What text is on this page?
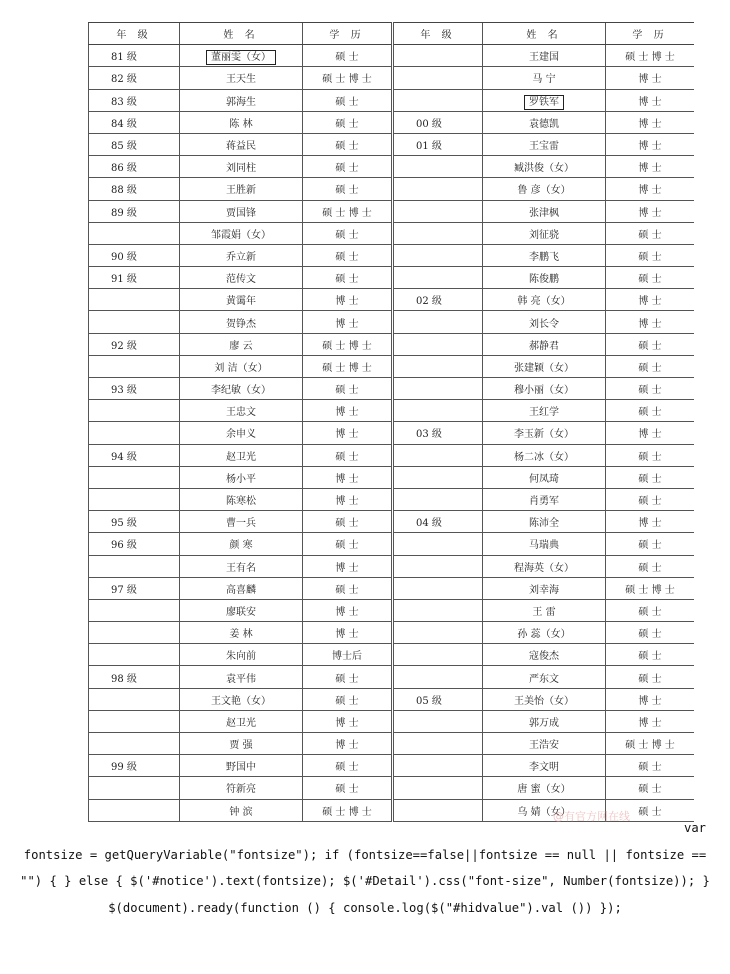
年 级	姓 名	学 历	年 级	姓 名	学 历
81 级	董丽雯（女）	硕 士		王建国	硕 士 博 士
82 级	王天生	硕 士 博 士		马 宁	博 士
83 级	郭海生	硕 士		罗铁军	博 士
84 级	陈 林	硕 士	00 级	袁德凯	博 士
85 级	蒋益民	硕 士	01 级	王宝雷	博 士
86 级	刘同柱	硕 士		臧洪俊（女）	博 士
88 级	王胜新	硕 士		鲁 彦（女）	博 士
89 级	贾国锋	硕 士 博 士		张津枫	博 士
	邹霞娟（女）	硕 士		刘征骁	硕 士
90 级	乔立新	硕 士		李鹏飞	硕 士
91 级	范传文	硕 士		陈俊鹏	硕 士
	黄霭年	博 士	02 级	韩 亮（女）	博 士
	贺铮杰	博 士		刘长令	博 士
92 级	廖 云	硕 士 博 士		郝静君	硕 士
	刘 洁（女）	硕 士 博 士		张建颖（女）	硕 士
93 级	李纪敏（女）	硕 士		穆小丽（女）	硕 士
	王忠文	博 士		王红学	硕 士
	余申义	博 士	03 级	李玉新（女）	博 士
94 级	赵卫光	硕 士		杨二冰（女）	硕 士
	杨小平	博 士		何凤琦	硕 士
	陈寒松	博 士		肖勇军	硕 士
95 级	曹一兵	硕 士	04 级	陈沛全	博 士
96 级	颜 寒	硕 士		马瑞典	硕 士
	王有名	博 士		程海英（女）	硕 士
97 级	高喜麟	硕 士		刘幸海	硕 士 博 士
	廖联安	博 士		王 雷	硕 士
	姜 林	博 士		孙 蕊（女）	硕 士
	朱向前	博士后		寇俊杰	硕 士
98 级	袁平伟	硕 士		严东文	硕 士
	王文艳（女）	硕 士	05 级	王美怡（女）	博 士
	赵卫光	博 士		郭万成	博 士
	贾 强	博 士		王浩安	硕 士 博 士
99 级	野国中	硕 士		李文明	硕 士
	符新亮	硕 士		唐 蜜（女）	硕 士
	钟 滨	硕 士 博 士		乌 婧（女）	硕 士
@有官方网在线
var
fontsize = getQueryVariable("fontsize"); if (fontsize==false||fontsize == null || fontsize == "") { } else { $('#notice').text(fontsize); $('#Detail').css("font-size", Number(fontsize)); } $(document).ready(function () { console.log($("#hidvalue").val ()) });
